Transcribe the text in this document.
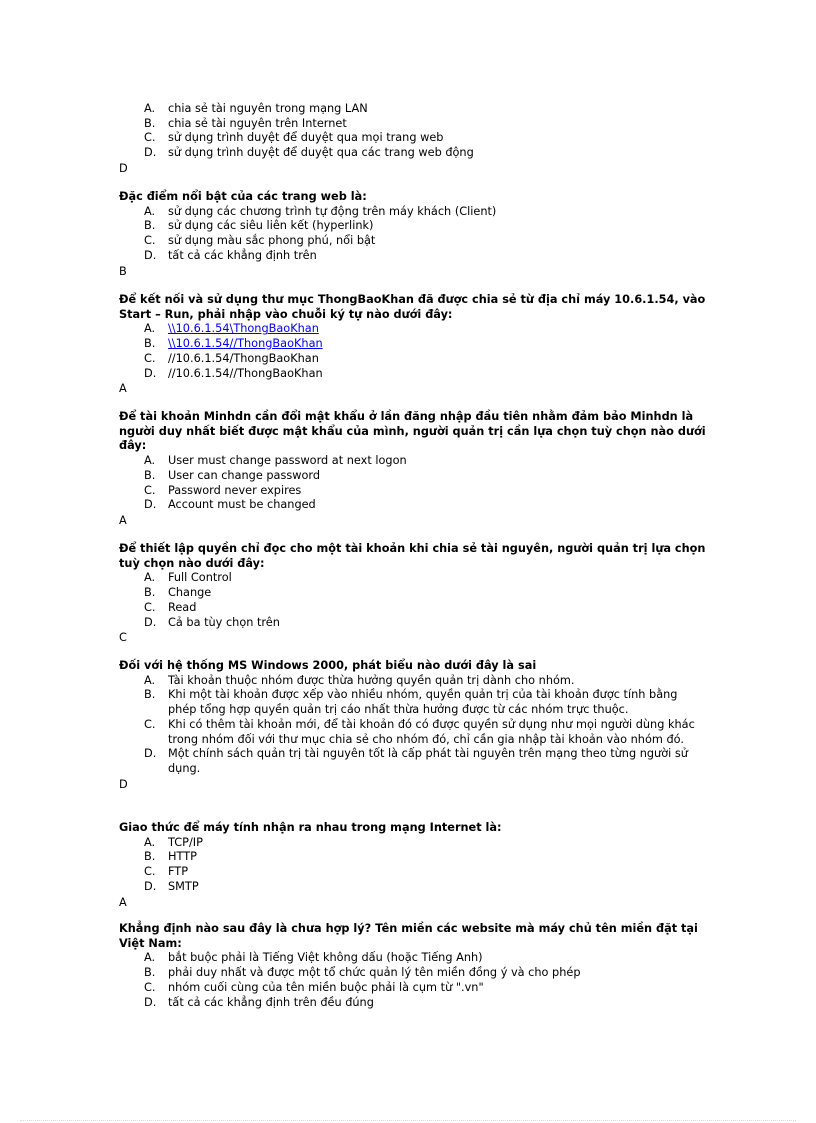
A. chia sẻ tài nguyên trong mạng LAN
B. chia sẻ tài nguyên trên Internet
C. sử dụng trình duyệt để duyệt qua mọi trang web
D. sử dụng trình duyệt để duyệt qua các trang web động
D

Đặc điểm nổi bật của các trang web là:

A. sử dụng các chương trình tự động trên máy khách (Client)
B. sử dụng các siêu liên kết (hyperlink)
C. sử dụng màu sắc phong phú, nổi bật
D. tất cả các khẳng định trên
B

Để kết nối và sử dụng thư mục ThongBaoKhan đã được chia sẻ từ địa chỉ máy 10.6.1.54, vào Start – Run, phải nhập vào chuỗi ký tự nào dưới đây:

A. \\10.6.1.54\ThongBaoKhan
B. \\10.6.1.54//ThongBaoKhan
C. //10.6.1.54/ThongBaoKhan
D. //10.6.1.54//ThongBaoKhan
A

Để tài khoản Minhdn cần đổi mật khẩu ở lần đăng nhập đầu tiên nhằm đảm bảo Minhdn là người duy nhất biết được mật khẩu của mình, người quản trị cần lựa chọn tuỳ chọn nào dưới đây:

A. User must change password at next logon
B. User can change password
C. Password never expires
D. Account must be changed
A

Để thiết lập quyền chỉ đọc cho một tài khoản khi chia sẻ tài nguyên, người quản trị lựa chọn tuỳ chọn nào dưới đây:

A. Full Control
B. Change
C. Read
D. Cả ba tùy chọn trên
C

Đối với hệ thống MS Windows 2000, phát biểu nào dưới đây là sai

A. Tài khoản thuộc nhóm được thừa hưởng quyền quản trị dành cho nhóm.
B. Khi một tài khoản được xếp vào nhiều nhóm, quyền quản trị của tài khoản được tính bằng phép tổng hợp quyền quản trị cáo nhất thừa hưởng được từ các nhóm trực thuộc.
C. Khi có thêm tài khoản mới, để tài khoản đó có được quyền sử dụng như mọi người dùng khác trong nhóm đối với thư mục chia sẻ cho nhóm đó, chỉ cần gia nhập tài khoản vào nhóm đó.
D. Một chính sách quản trị tài nguyên tốt là cấp phát tài nguyên trên mạng theo từng người sử dụng.
D

Giao thức để máy tính nhận ra nhau trong mạng Internet là:

A. TCP/IP
B. HTTP
C. FTP
D. SMTP
A

Khẳng định nào sau đây là chưa hợp lý? Tên miền các website mà máy chủ tên miền đặt tại Việt Nam:

A. bắt buộc phải là Tiếng Việt không dấu (hoặc Tiếng Anh)
B. phải duy nhất và được một tổ chức quản lý tên miền đồng ý và cho phép
C. nhóm cuối cùng của tên miền buộc phải là cụm từ ".vn"
D. tất cả các khẳng định trên đều đúng
